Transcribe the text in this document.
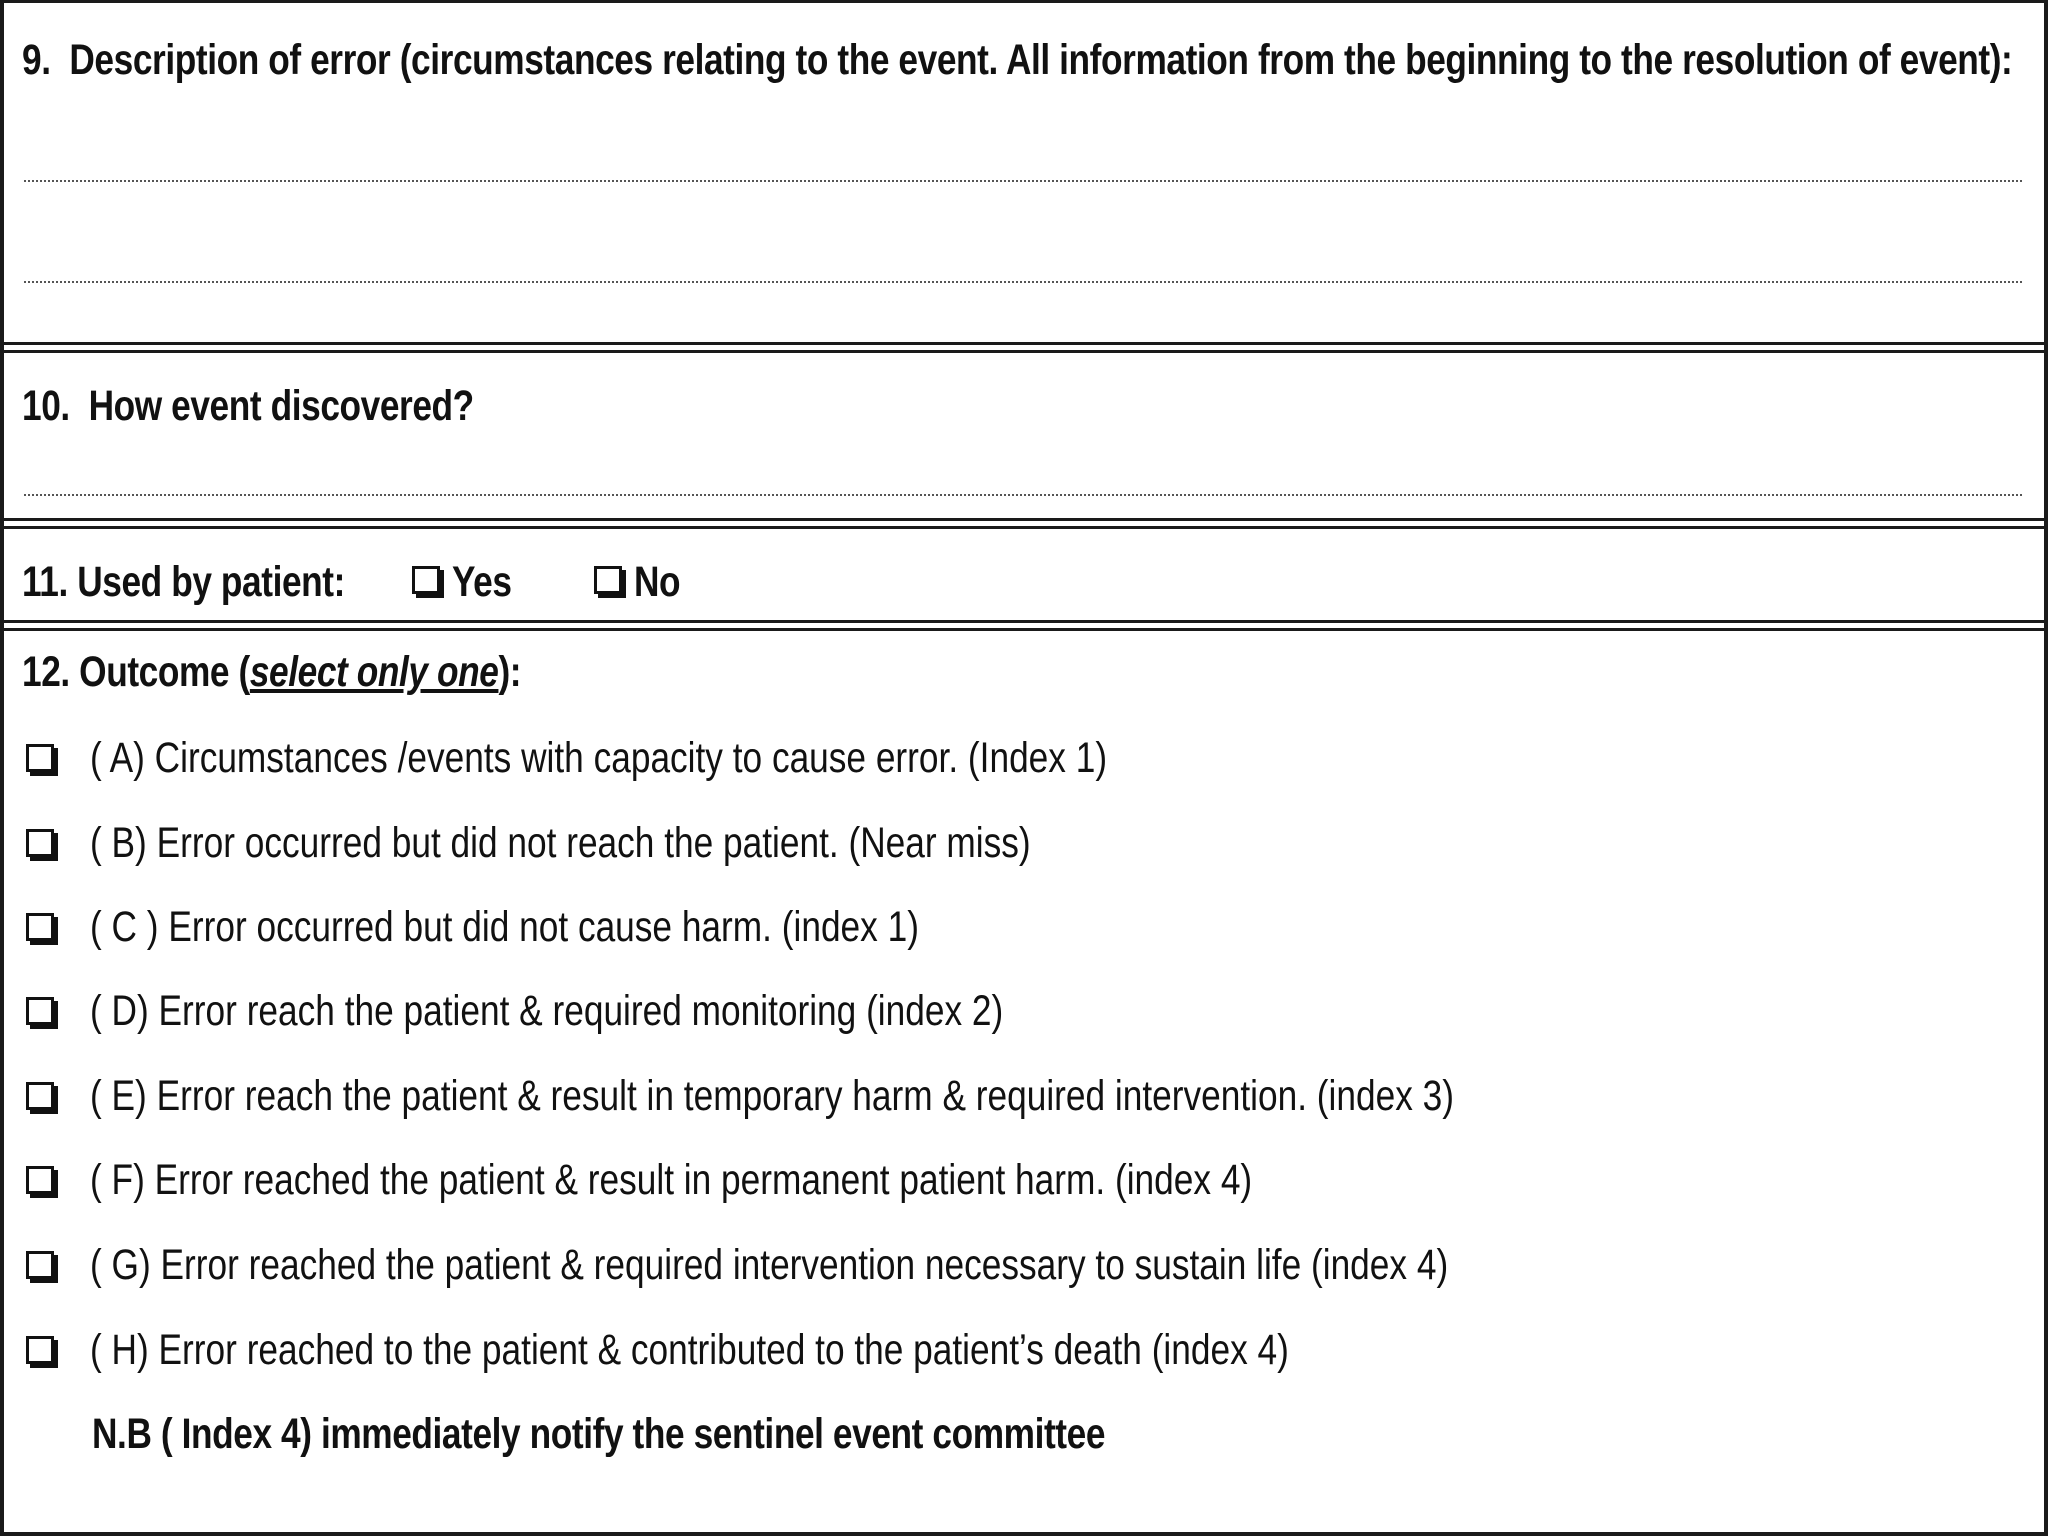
9. Description of error (circumstances relating to the event. All information from the beginning to the resolution of event):
10. How event discovered?
11. Used by patient: Yes	No
12. Outcome (select only one):
( A) Circumstances /events with capacity to cause error. (Index 1)
( B) Error occurred but did not reach the patient. (Near miss)
( C ) Error occurred but did not cause harm. (index 1)
( D) Error reach the patient & required monitoring (index 2)
( E) Error reach the patient & result in temporary harm & required intervention. (index 3)
( F) Error reached the patient & result in permanent patient harm. (index 4)
( G) Error reached the patient & required intervention necessary to sustain life (index 4)
( H) Error reached to the patient & contributed to the patient’s death (index 4)
N.B ( Index 4) immediately notify the sentinel event committee
